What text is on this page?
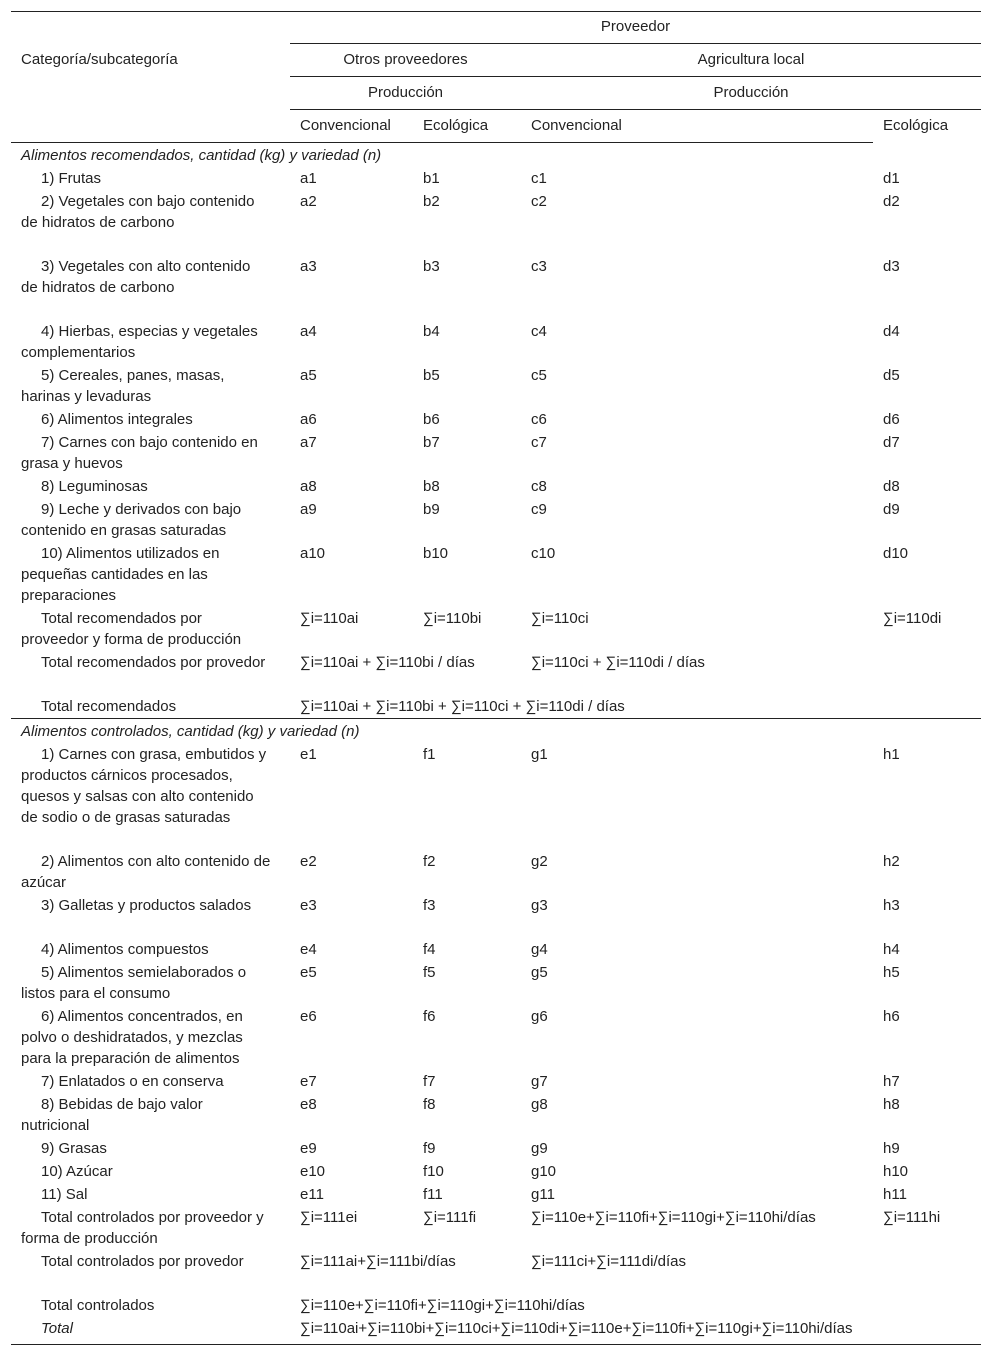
Categoría/subcategoría
Proveedor
Otros proveedores	Agricultura local
Producción	Producción
Convencional Ecológica	Convencional	Ecológica
Alimentos recomendados, cantidad (kg) y variedad (n)
1) Frutas	a1	b1	c1	d1
2) Vegetales con bajo contenido de hidratos de carbono
a2	b2	c2	d2
3) Vegetales con alto contenido de hidratos de carbono
a3	b3	c3	d3
4) Hierbas, especias y vegetales complementarios
a4	b4	c4	d4
5) Cereales, panes, masas, harinas y levaduras
a5	b5	c5	d5
6) Alimentos integrales	a6	b6	c6	d6
7) Carnes con bajo contenido en grasa y huevos
a7	b7	c7	d7
8) Leguminosas	a8	b8	c8	d8
9) Leche y derivados con bajo contenido en grasas saturadas
a9	b9	c9	d9
10) Alimentos utilizados en pequeñas cantidades en las preparaciones
a10	b10	c10	d10
Total recomendados por proveedor y forma de producción
∑i=110ai	∑i=110bi	∑i=110ci	∑i=110di
Total recomendados por provedor	∑i=110ai + ∑i=110bi / días	∑i=110ci + ∑i=110di / días
Total recomendados	∑i=110ai + ∑i=110bi + ∑i=110ci + ∑i=110di / días
Alimentos controlados, cantidad (kg) y variedad (n)
1) Carnes con grasa, embutidos y productos cárnicos procesados, quesos y salsas con alto contenido de sodio o de grasas saturadas
e1	f1	g1	h1
2) Alimentos con alto contenido de azúcar
e2	f2	g2	h2
3) Galletas y productos salados	e3	f3	g3	h3
4) Alimentos compuestos	e4	f4	g4	h4
5) Alimentos semielaborados o listos para el consumo
e5	f5	g5	h5
6) Alimentos concentrados, en polvo o deshidratados, y mezclas para la preparación de alimentos
e6	f6	g6	h6
7) Enlatados o en conserva	e7	f7	g7	h7
8) Bebidas de bajo valor nutricional
e8	f8	g8	h8
9) Grasas	e9	f9	g9	h9
10) Azúcar	e10	f10	g10	h10
11) Sal	e11	f11	g11	h11
Total controlados por proveedor y forma de producción
∑i=111ei	∑i=111fi	∑i=110e+∑i=110fi+∑i=110gi+∑i=110hi/días	∑i=111hi
Total controlados por provedor	∑i=111ai+∑i=111bi/días	∑i=111ci+∑i=111di/días
Total controlados	∑i=110e+∑i=110fi+∑i=110gi+∑i=110hi/días
Total	∑i=110ai+∑i=110bi+∑i=110ci+∑i=110di+∑i=110e+∑i=110fi+∑i=110gi+∑i=110hi/días
